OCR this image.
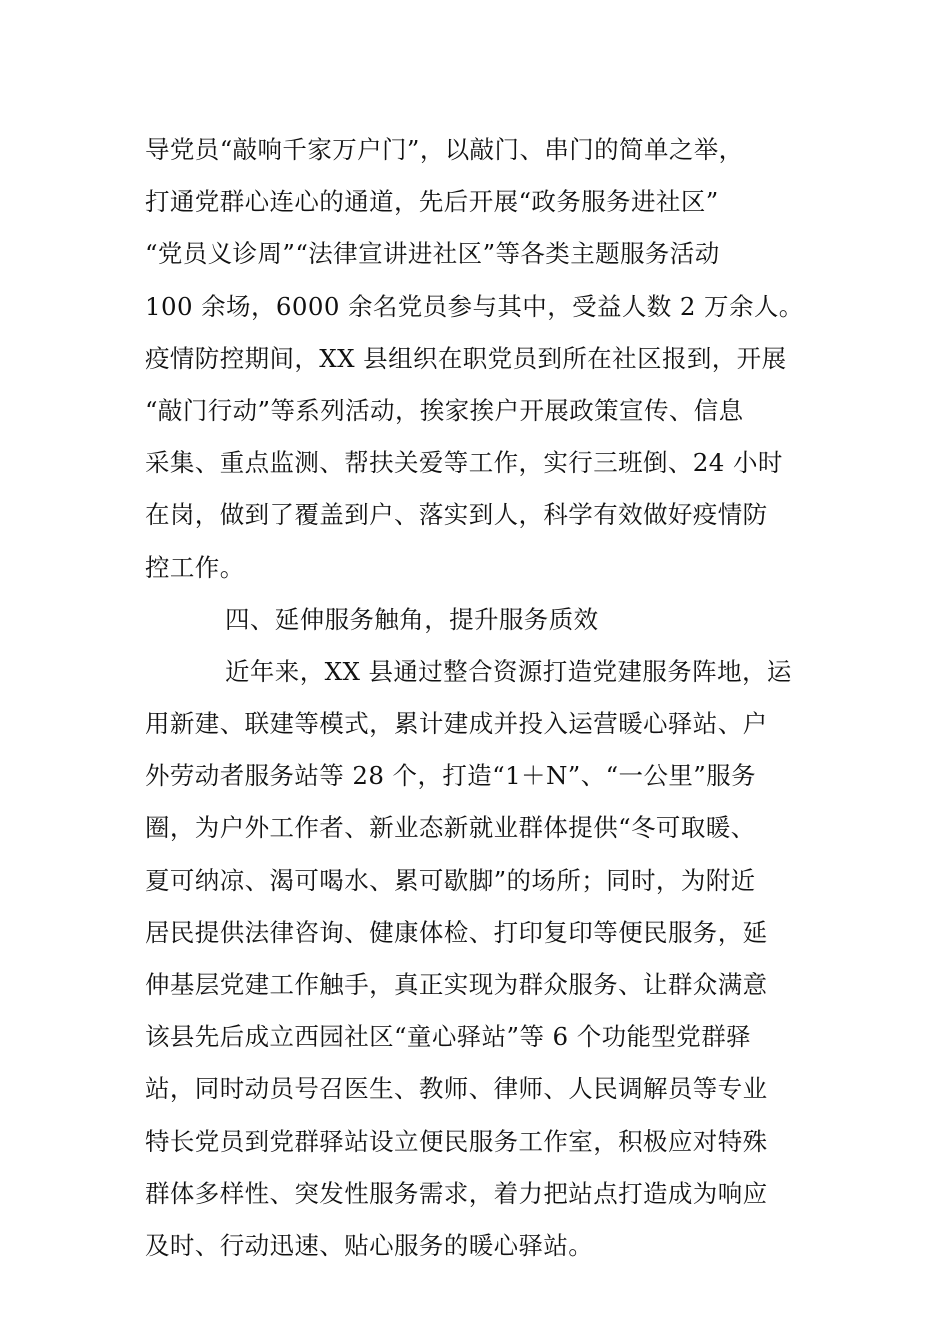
导党员“敲响千家万户门”，以敲门、串门的简单之举，
打通党群心连心的通道，先后开展“政务服务进社区”
“党员义诊周”“法律宣讲进社区”等各类主题服务活动
100 余场，6000 余名党员参与其中，受益人数 2 万余人。
疫情防控期间，XX 县组织在职党员到所在社区报到，开展
“敲门行动”等系列活动，挨家挨户开展政策宣传、信息
采集、重点监测、帮扶关爱等工作，实行三班倒、24 小时
在岗，做到了覆盖到户、落实到人，科学有效做好疫情防
控工作。
四、延伸服务触角，提升服务质效
近年来，XX 县通过整合资源打造党建服务阵地，运
用新建、联建等模式，累计建成并投入运营暖心驿站、户
外劳动者服务站等 28 个，打造“1＋N”、“一公里”服务
圈，为户外工作者、新业态新就业群体提供“冬可取暖、
夏可纳凉、渴可喝水、累可歇脚”的场所；同时，为附近
居民提供法律咨询、健康体检、打印复印等便民服务，延
伸基层党建工作触手，真正实现为群众服务、让群众满意
该县先后成立西园社区“童心驿站”等 6 个功能型党群驿
站，同时动员号召医生、教师、律师、人民调解员等专业
特长党员到党群驿站设立便民服务工作室，积极应对特殊
群体多样性、突发性服务需求，着力把站点打造成为响应
及时、行动迅速、贴心服务的暖心驿站。
